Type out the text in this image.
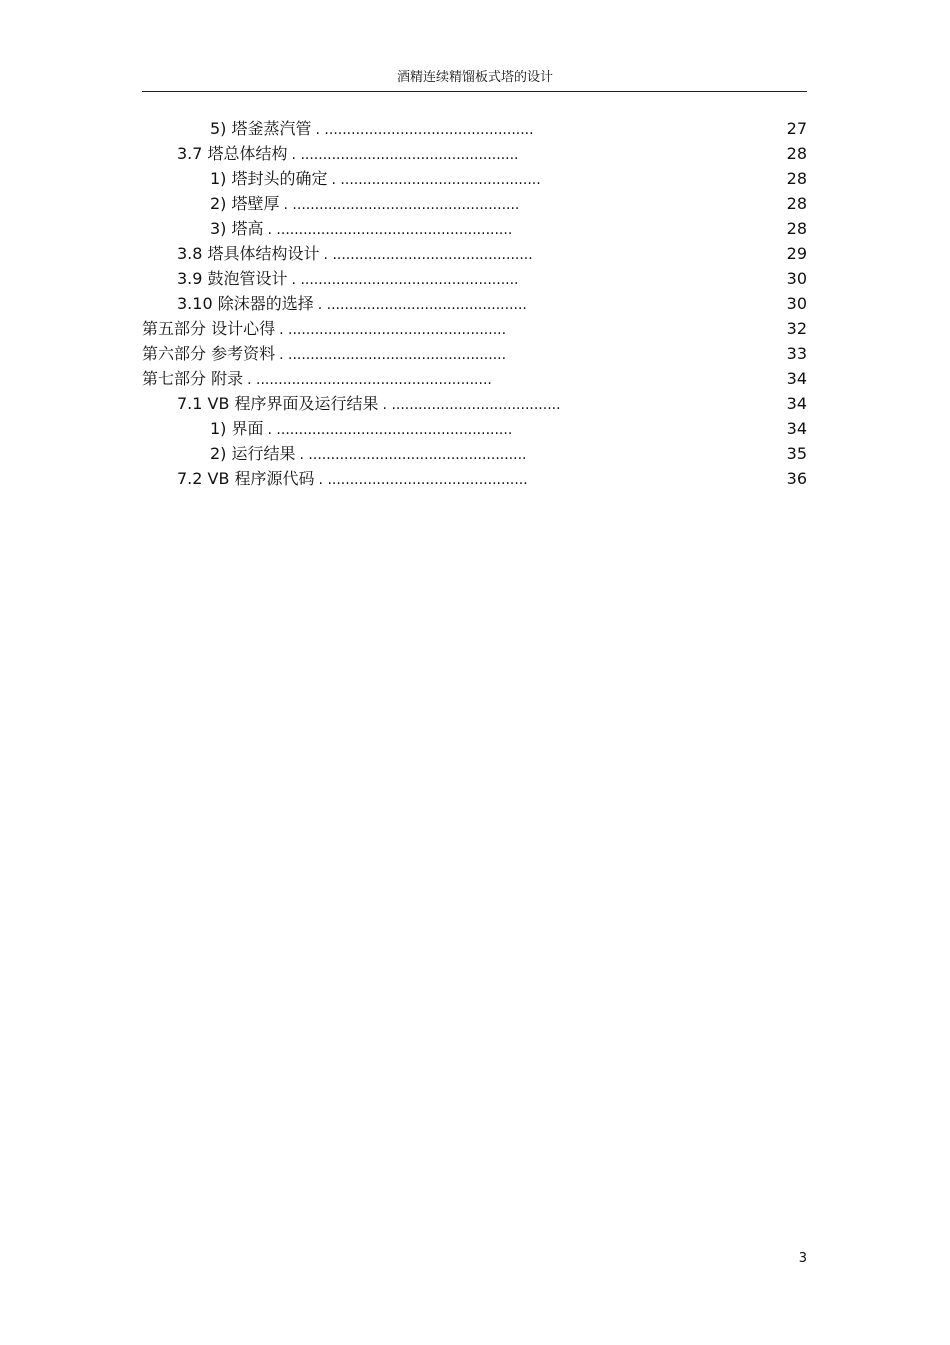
酒精连续精馏板式塔的设计
5) 塔釜蒸汽管 . ...............................................	27
3.7 塔总体结构 . .................................................	28
1) 塔封头的确定 . .............................................	28
2) 塔壁厚 . ...................................................	28
3) 塔高 . .....................................................	28
3.8 塔具体结构设计 . .............................................	29
3.9 鼓泡管设计 . .................................................	30
3.10 除沫器的选择 . .............................................	30
第五部分 设计心得 . .................................................	32
第六部分 参考资料 . .................................................	33
第七部分 附录 . .....................................................	34
7.1 VB 程序界面及运行结果 . ......................................	34
1) 界面 . .....................................................	34
2) 运行结果 . .................................................	35
7.2 VB 程序源代码 . .............................................	36
3
